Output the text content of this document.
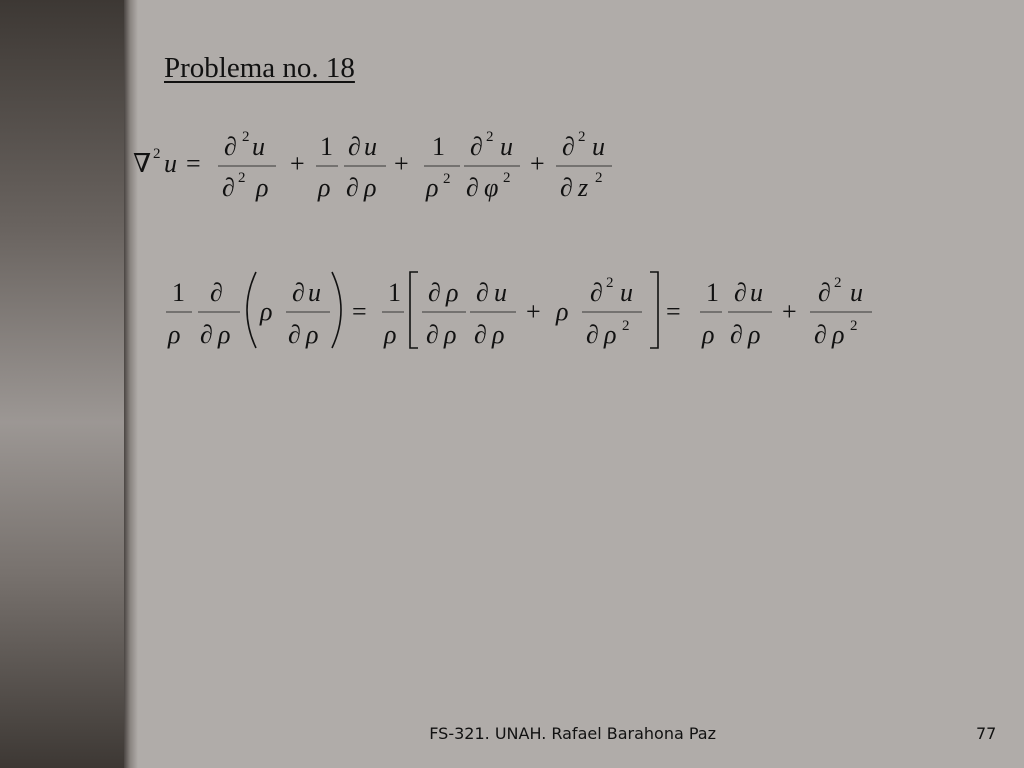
Problema no. 18
∇ 2 u =
∂ 2 u
∂ 2 ρ
+
1
ρ
∂ u
∂ ρ
+
1
ρ 2
∂ 2 u
∂ φ 2 +
∂ 2 u
∂ z 2
1
ρ
∂
∂ ρ
ρ
∂ u
∂ ρ
=
1
ρ
∂ ρ
∂ ρ
∂ u
∂ ρ
+ ρ
∂ 2 u
∂ ρ 2 =
1
ρ
∂ u
∂ ρ
+
∂ 2 u
∂ ρ 2
FS-321. UNAH. Rafael Barahona Paz	77
